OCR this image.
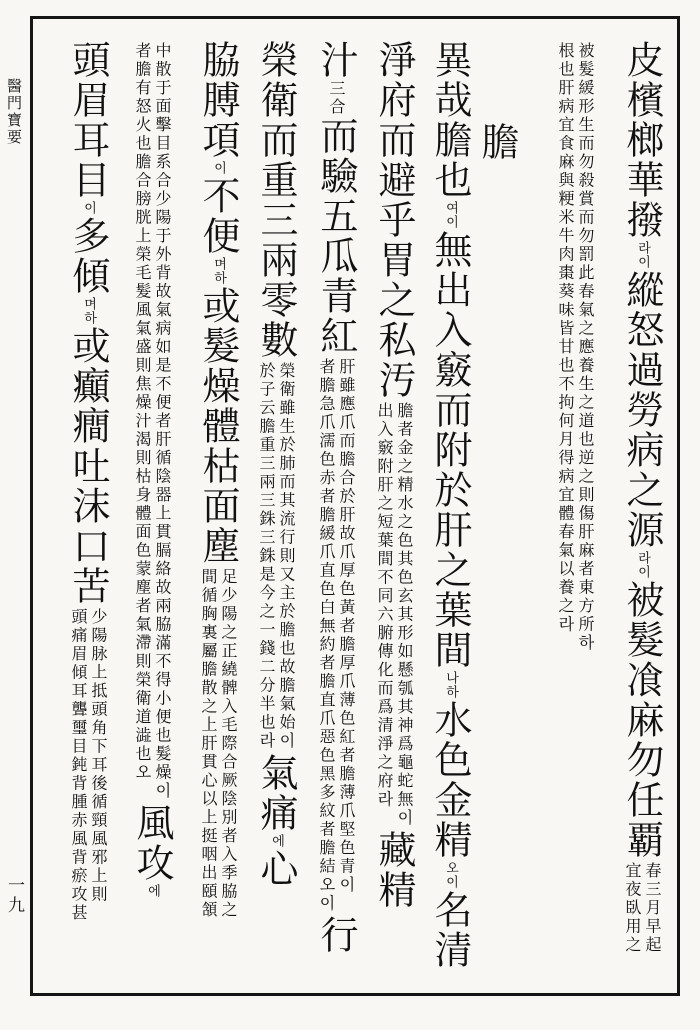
醫門寶要
一九
皮檳榔華撥
라이
縱怒過勞病之源
라이
被髮飡麻勿任覇
春三月早起
宜夜臥用之
被髮緩形生而勿殺賞而勿罰此春氣之應養生之道也逆之則傷肝麻者東方所하
根也肝病宜食麻與粳米牛肉棗葵味皆甘也不拘何月得病宜體春氣以養之라
膽
異哉膽也
여이
無出入竅而附於肝之葉間
나하
水色金精
오이
名清
淨府而避乎胃之私汚
膽者金之精水之色其色玄其形如懸瓠其神爲龜蛇無이
出入竅附肝之短葉間不同六腑傳化而爲清淨之府라
藏精
汁
三合
而驗五瓜青紅
肝雖應爪而膽合於肝故爪厚色黃者膽厚爪薄色紅者膽薄爪堅色青이
者膽急爪濡色赤者膽緩爪直色白無約者膽直爪惡色黑多紋者膽結오이
行
榮衛而重三兩零數
榮衛雖生於肺而其流行則又主於膽也故膽氣始이
於子云膽重三兩三銖三銖是今之一錢二分半也라
氣痛
에
心
脇膊項
이
不便
며하
或髮燥體枯面塵
足少陽之正繞髀入毛際合厥陰別者入季脇之
間循胸裏屬膽散之上肝貫心以上挺咽出頤頷
中散于面擊目系合少陽于外背故氣病如是不便者肝循陰器上貫膈絡故兩脇滿不得小便也髮燥이
者膽有怒火也膽合膀胱上榮毛髮風氣盛則焦燥汁渴則枯身體面色蒙塵者氣滯則榮衛道澁也오
風攻
에
頭眉耳目
이
多傾
며하
或癲癎吐沫口苦
少陽脉上抵頭角下耳後循頸風邪上則
頭痛眉傾耳聾璽目鈍背腫赤風背瘀攻甚
